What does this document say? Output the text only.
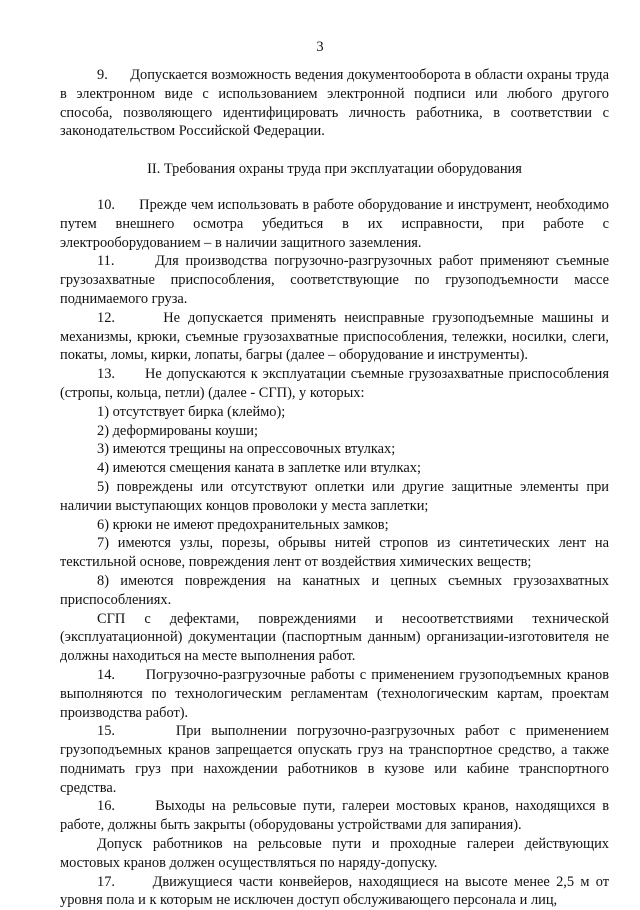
3

9. Допускается возможность ведения документооборота в области охраны труда в электронном виде с использованием электронной подписи или любого другого способа, позволяющего идентифицировать личность работника, в соответствии с законодательством Российской Федерации.

II. Требования охраны труда при эксплуатации оборудования

10. Прежде чем использовать в работе оборудование и инструмент, необходимо путем внешнего осмотра убедиться в их исправности, при работе с электрооборудованием – в наличии защитного заземления.

11.	Для производства погрузочно-разгрузочных работ применяют съемные грузозахватные приспособления, соответствующие по грузоподъемности массе поднимаемого груза.

12.	Не допускается применять неисправные грузоподъемные машины и механизмы, крюки, съемные грузозахватные приспособления, тележки, носилки, слеги, покаты, ломы, кирки, лопаты, багры (далее – оборудование и инструменты).

13. Не допускаются к эксплуатации съемные грузозахватные приспособления (стропы, кольца, петли) (далее - СГП), у которых:

1) отсутствует бирка (клеймо);

2) деформированы коуши;

3) имеются трещины на опрессовочных втулках;

4) имеются смещения каната в заплетке или втулках;

5) повреждены или отсутствуют оплетки или другие защитные элементы при наличии выступающих концов проволоки у места заплетки;

6) крюки не имеют предохранительных замков;

7) имеются узлы, порезы, обрывы нитей стропов из синтетических лент на текстильной основе, повреждения лент от воздействия химических веществ;

8) имеются повреждения на канатных и цепных съемных грузозахватных приспособлениях.

СГП с дефектами, повреждениями и несоответствиями технической (эксплуатационной) документации (паспортным данным) организации-изготовителя не должны находиться на месте выполнения работ.

14. Погрузочно-разгрузочные работы с применением грузоподъемных кранов выполняются по технологическим регламентам (технологическим картам, проектам производства работ).

15.	При выполнении погрузочно-разгрузочных работ с применением грузоподъемных кранов запрещается опускать груз на транспортное средство, а также поднимать груз при нахождении работников в кузове или кабине транспортного средства.

16.	Выходы на рельсовые пути, галереи мостовых кранов, находящихся в работе, должны быть закрыты (оборудованы устройствами для запирания).

Допуск работников на рельсовые пути и проходные галереи действующих мостовых кранов должен осуществляться по наряду-допуску.

17.	Движущиеся части конвейеров, находящиеся на высоте менее 2,5 м от уровня пола и к которым не исключен доступ обслуживающего персонала и лиц,
